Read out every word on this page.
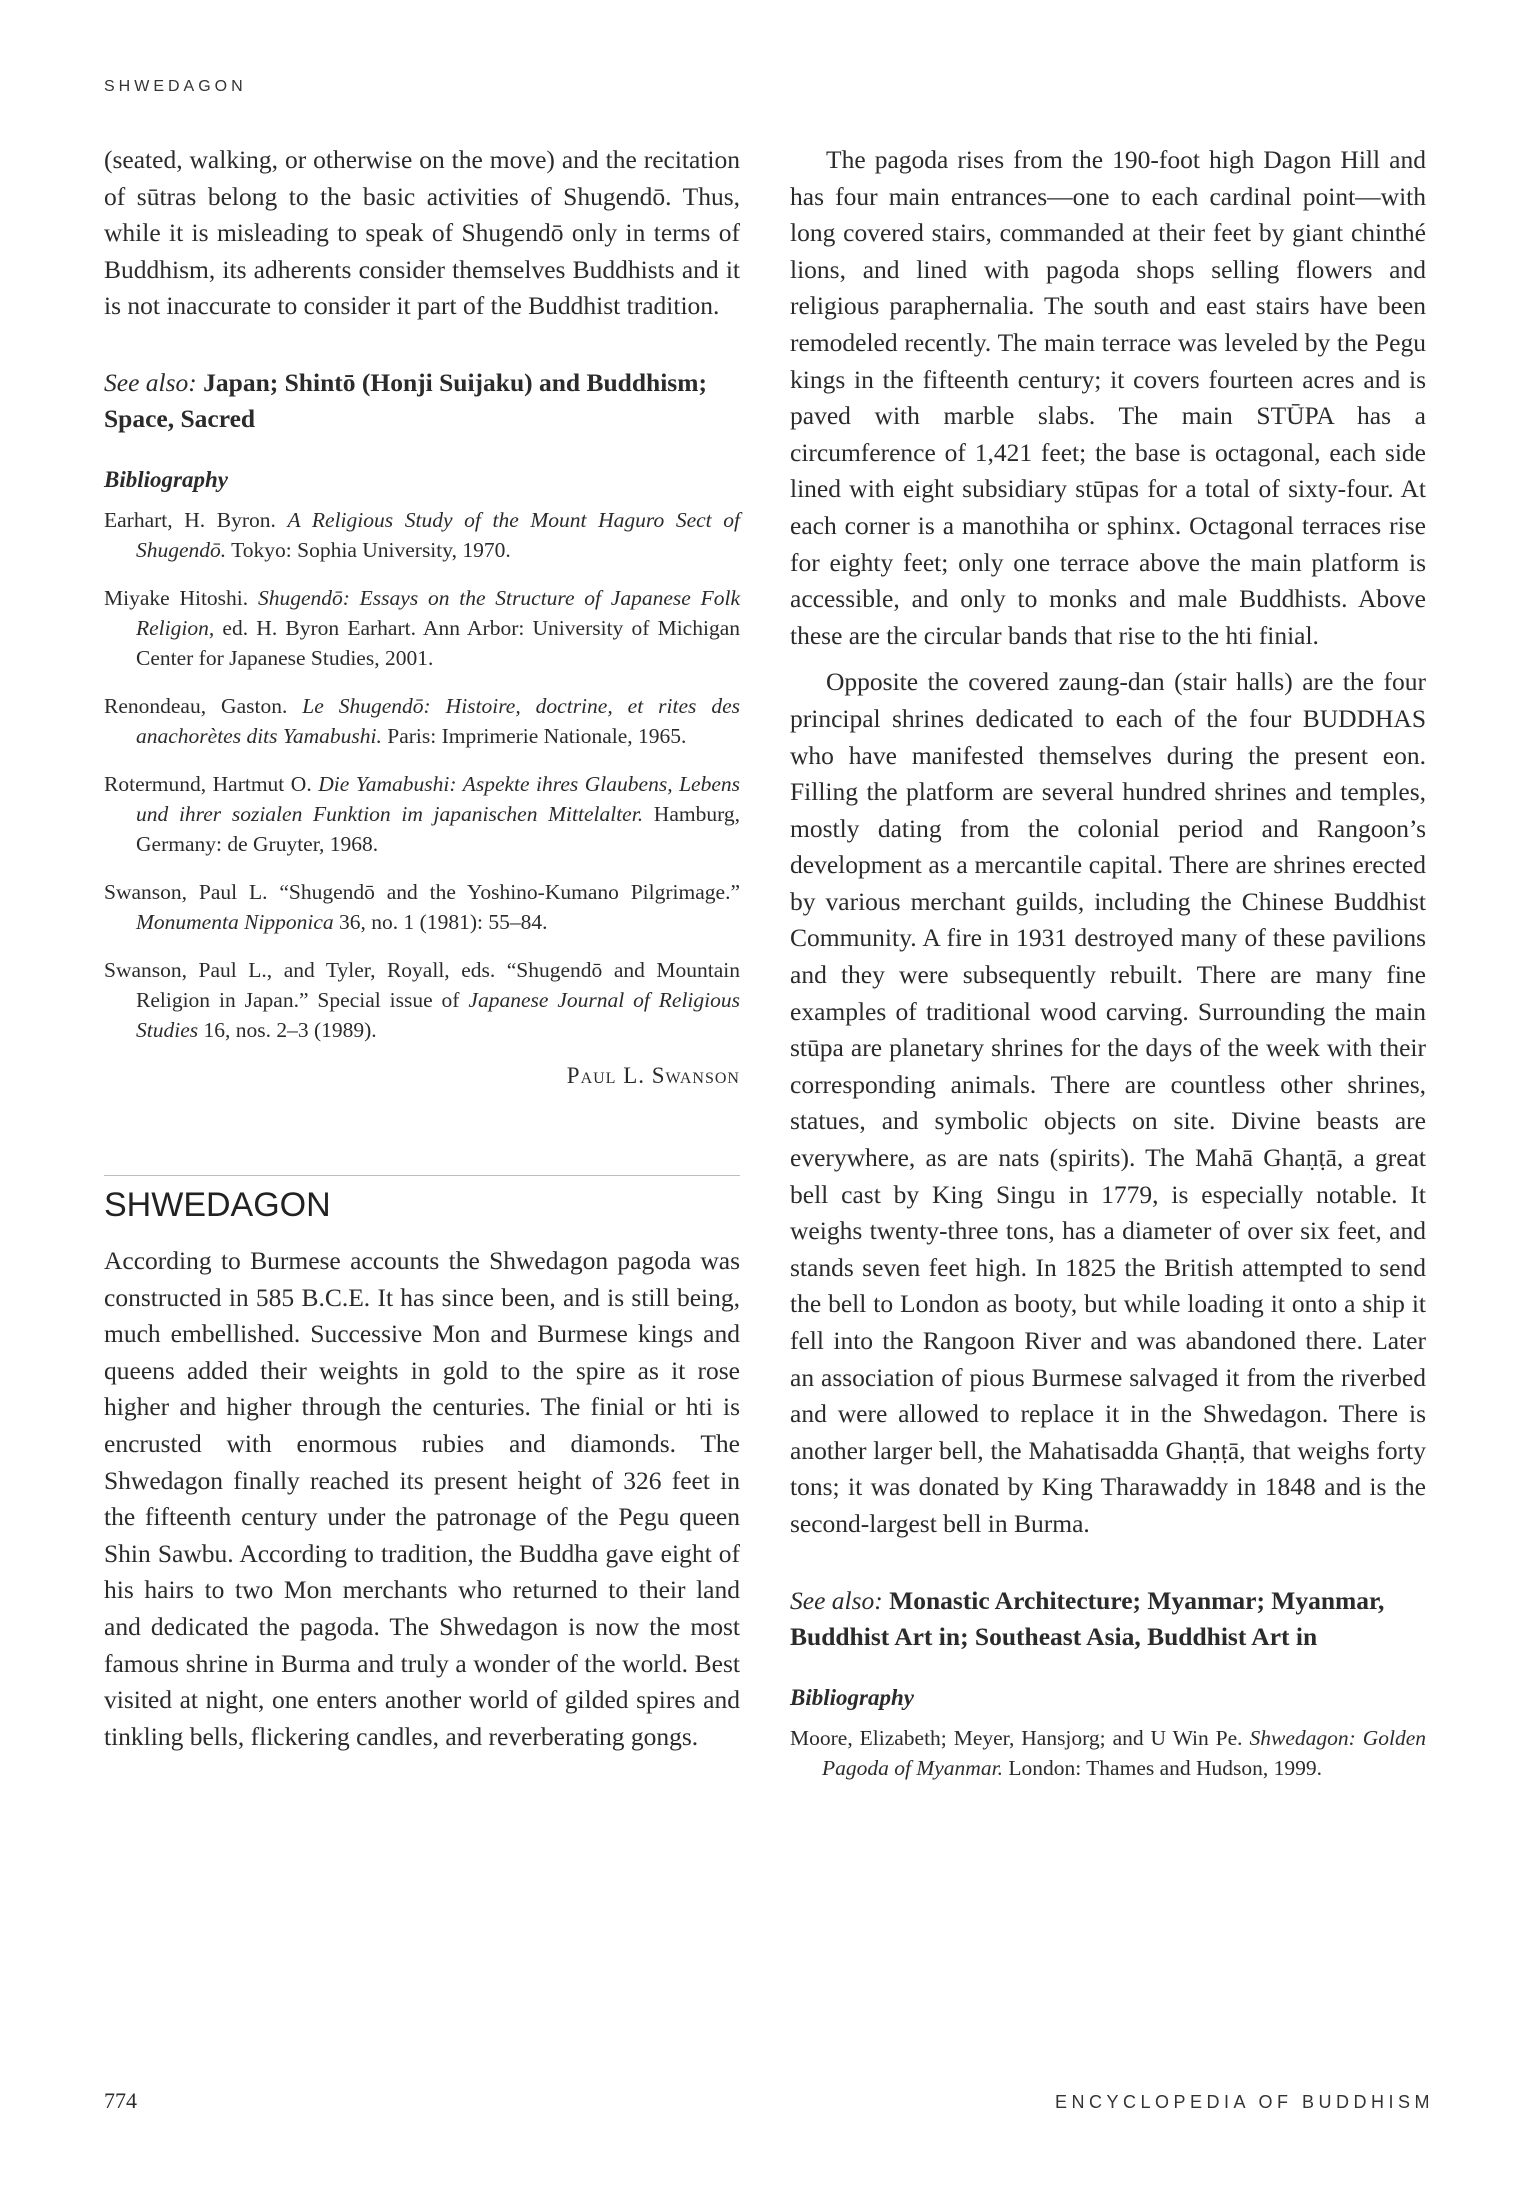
SHWEDAGON

(seated, walking, or otherwise on the move) and the recitation of sūtras belong to the basic activities of Shugendō. Thus, while it is misleading to speak of Shugendō only in terms of Buddhism, its adherents consider themselves Buddhists and it is not inaccurate to consider it part of the Buddhist tradition.

See also: Japan; Shintō (Honji Suijaku) and Buddhism; Space, Sacred
Bibliography

Earhart, H. Byron. A Religious Study of the Mount Haguro Sect of Shugendō. Tokyo: Sophia University, 1970.

Miyake Hitoshi. Shugendō: Essays on the Structure of Japanese Folk Religion, ed. H. Byron Earhart. Ann Arbor: University of Michigan Center for Japanese Studies, 2001.

Renondeau, Gaston. Le Shugendō: Histoire, doctrine, et rites des anachorètes dits Yamabushi. Paris: Imprimerie Nationale, 1965.

Rotermund, Hartmut O. Die Yamabushi: Aspekte ihres Glaubens, Lebens und ihrer sozialen Funktion im japanischen Mittelalter. Hamburg, Germany: de Gruyter, 1968.

Swanson, Paul L. “Shugendō and the Yoshino-Kumano Pilgrimage.” Monumenta Nipponica 36, no. 1 (1981): 55–84.

Swanson, Paul L., and Tyler, Royall, eds. “Shugendō and Mountain Religion in Japan.” Special issue of Japanese Journal of Religious Studies 16, nos. 2–3 (1989).

Paul L. Swanson
SHWEDAGON

According to Burmese accounts the Shwedagon pagoda was constructed in 585 B.C.E. It has since been, and is still being, much embellished. Successive Mon and Burmese kings and queens added their weights in gold to the spire as it rose higher and higher through the centuries. The finial or hti is encrusted with enormous rubies and diamonds. The Shwedagon finally reached its present height of 326 feet in the fifteenth century under the patronage of the Pegu queen Shin Sawbu. According to tradition, the Buddha gave eight of his hairs to two Mon merchants who returned to their land and dedicated the pagoda. The Shwedagon is now the most famous shrine in Burma and truly a wonder of the world. Best visited at night, one enters another world of gilded spires and tinkling bells, flickering candles, and reverberating gongs.

The pagoda rises from the 190-foot high Dagon Hill and has four main entrances—one to each cardinal point—with long covered stairs, commanded at their feet by giant chinthé lions, and lined with pagoda shops selling flowers and religious paraphernalia. The south and east stairs have been remodeled recently. The main terrace was leveled by the Pegu kings in the fifteenth century; it covers fourteen acres and is paved with marble slabs. The main STŪPA has a circumference of 1,421 feet; the base is octagonal, each side lined with eight subsidiary stūpas for a total of sixty-four. At each corner is a manothiha or sphinx. Octagonal terraces rise for eighty feet; only one terrace above the main platform is accessible, and only to monks and male Buddhists. Above these are the circular bands that rise to the hti finial.

Opposite the covered zaung-dan (stair halls) are the four principal shrines dedicated to each of the four BUDDHAS who have manifested themselves during the present eon. Filling the platform are several hundred shrines and temples, mostly dating from the colonial period and Rangoon’s development as a mercantile capital. There are shrines erected by various merchant guilds, including the Chinese Buddhist Community. A fire in 1931 destroyed many of these pavilions and they were subsequently rebuilt. There are many fine examples of traditional wood carving. Surrounding the main stūpa are planetary shrines for the days of the week with their corresponding animals. There are countless other shrines, statues, and symbolic objects on site. Divine beasts are everywhere, as are nats (spirits). The Mahā Ghaṇṭā, a great bell cast by King Singu in 1779, is especially notable. It weighs twenty-three tons, has a diameter of over six feet, and stands seven feet high. In 1825 the British attempted to send the bell to London as booty, but while loading it onto a ship it fell into the Rangoon River and was abandoned there. Later an association of pious Burmese salvaged it from the riverbed and were allowed to replace it in the Shwedagon. There is another larger bell, the Mahatisadda Ghaṇṭā, that weighs forty tons; it was donated by King Tharawaddy in 1848 and is the second-largest bell in Burma.

See also: Monastic Architecture; Myanmar; Myanmar, Buddhist Art in; Southeast Asia, Buddhist Art in
Bibliography

Moore, Elizabeth; Meyer, Hansjorg; and U Win Pe. Shwedagon: Golden Pagoda of Myanmar. London: Thames and Hudson, 1999.

774	ENCYCLOPEDIA OF BUDDHISM
